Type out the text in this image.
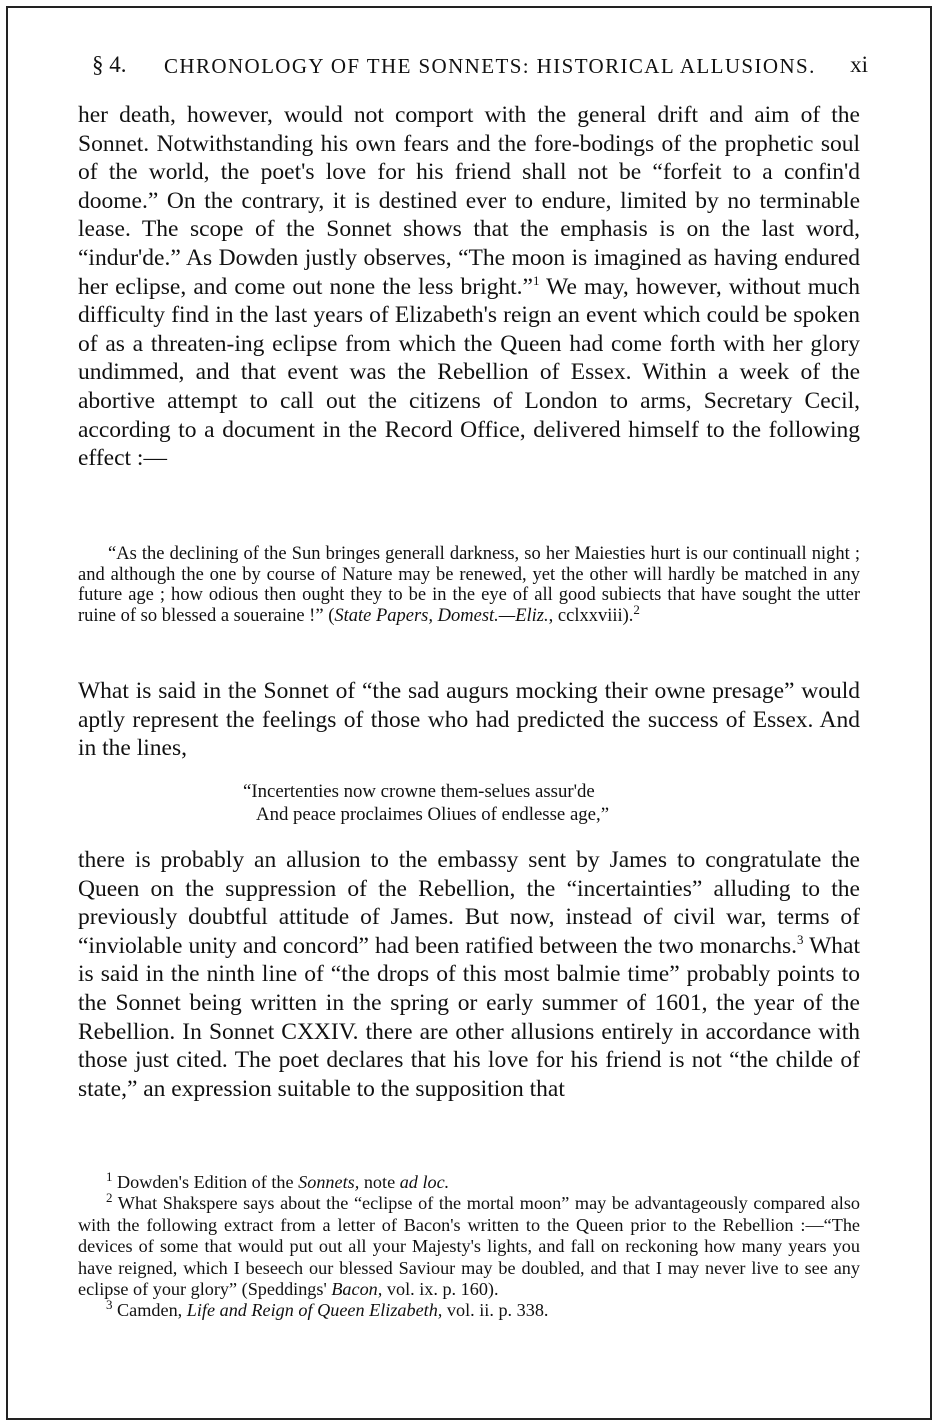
§ 4. CHRONOLOGY OF THE SONNETS: HISTORICAL ALLUSIONS. xi
her death, however, would not comport with the general drift and aim of the Sonnet. Notwithstanding his own fears and the fore-bodings of the prophetic soul of the world, the poet's love for his friend shall not be “forfeit to a confin'd doome.” On the contrary, it is destined ever to endure, limited by no terminable lease. The scope of the Sonnet shows that the emphasis is on the last word, “indur'de.” As Dowden justly observes, “The moon is imagined as having endured her eclipse, and come out none the less bright.”$^1$ We may, however, without much difficulty find in the last years of Elizabeth's reign an event which could be spoken of as a threaten-ing eclipse from which the Queen had come forth with her glory undimmed, and that event was the Rebellion of Essex. Within a week of the abortive attempt to call out the citizens of London to arms, Secretary Cecil, according to a document in the Record Office, delivered himself to the following effect :—
“As the declining of the Sun bringes generall darkness, so her Maiesties hurt is our continuall night ; and although the one by course of Nature may be renewed, yet the other will hardly be matched in any future age ; how odious then ought they to be in the eye of all good subiects that have sought the utter ruine of so blessed a soueraine !” (State Papers, Domest.—Eliz., cclxxviii).$^2$
What is said in the Sonnet of “the sad augurs mocking their owne presage” would aptly represent the feelings of those who had predicted the success of Essex. And in the lines,
“Incertenties now crowne them-selues assur'de
And peace proclaimes Oliues of endlesse age,”
there is probably an allusion to the embassy sent by James to congratulate the Queen on the suppression of the Rebellion, the “incertainties” alluding to the previously doubtful attitude of James. But now, instead of civil war, terms of “inviolable unity and concord” had been ratified between the two monarchs.$^3$ What is said in the ninth line of “the drops of this most balmie time” probably points to the Sonnet being written in the spring or early summer of 1601, the year of the Rebellion. In Sonnet CXXIV. there are other allusions entirely in accordance with those just cited. The poet declares that his love for his friend is not “the childe of state,” an expression suitable to the supposition that

$^1$ Dowden's Edition of the Sonnets, note ad loc.

$^2$ What Shakspere says about the “eclipse of the mortal moon” may be advantageously compared also with the following extract from a letter of Bacon's written to the Queen prior to the Rebellion :—“The devices of some that would put out all your Majesty's lights, and fall on reckoning how many years you have reigned, which I beseech our blessed Saviour may be doubled, and that I may never live to see any eclipse of your glory” (Speddings' Bacon, vol. ix. p. 160).

$^3$ Camden, Life and Reign of Queen Elizabeth, vol. ii. p. 338.
